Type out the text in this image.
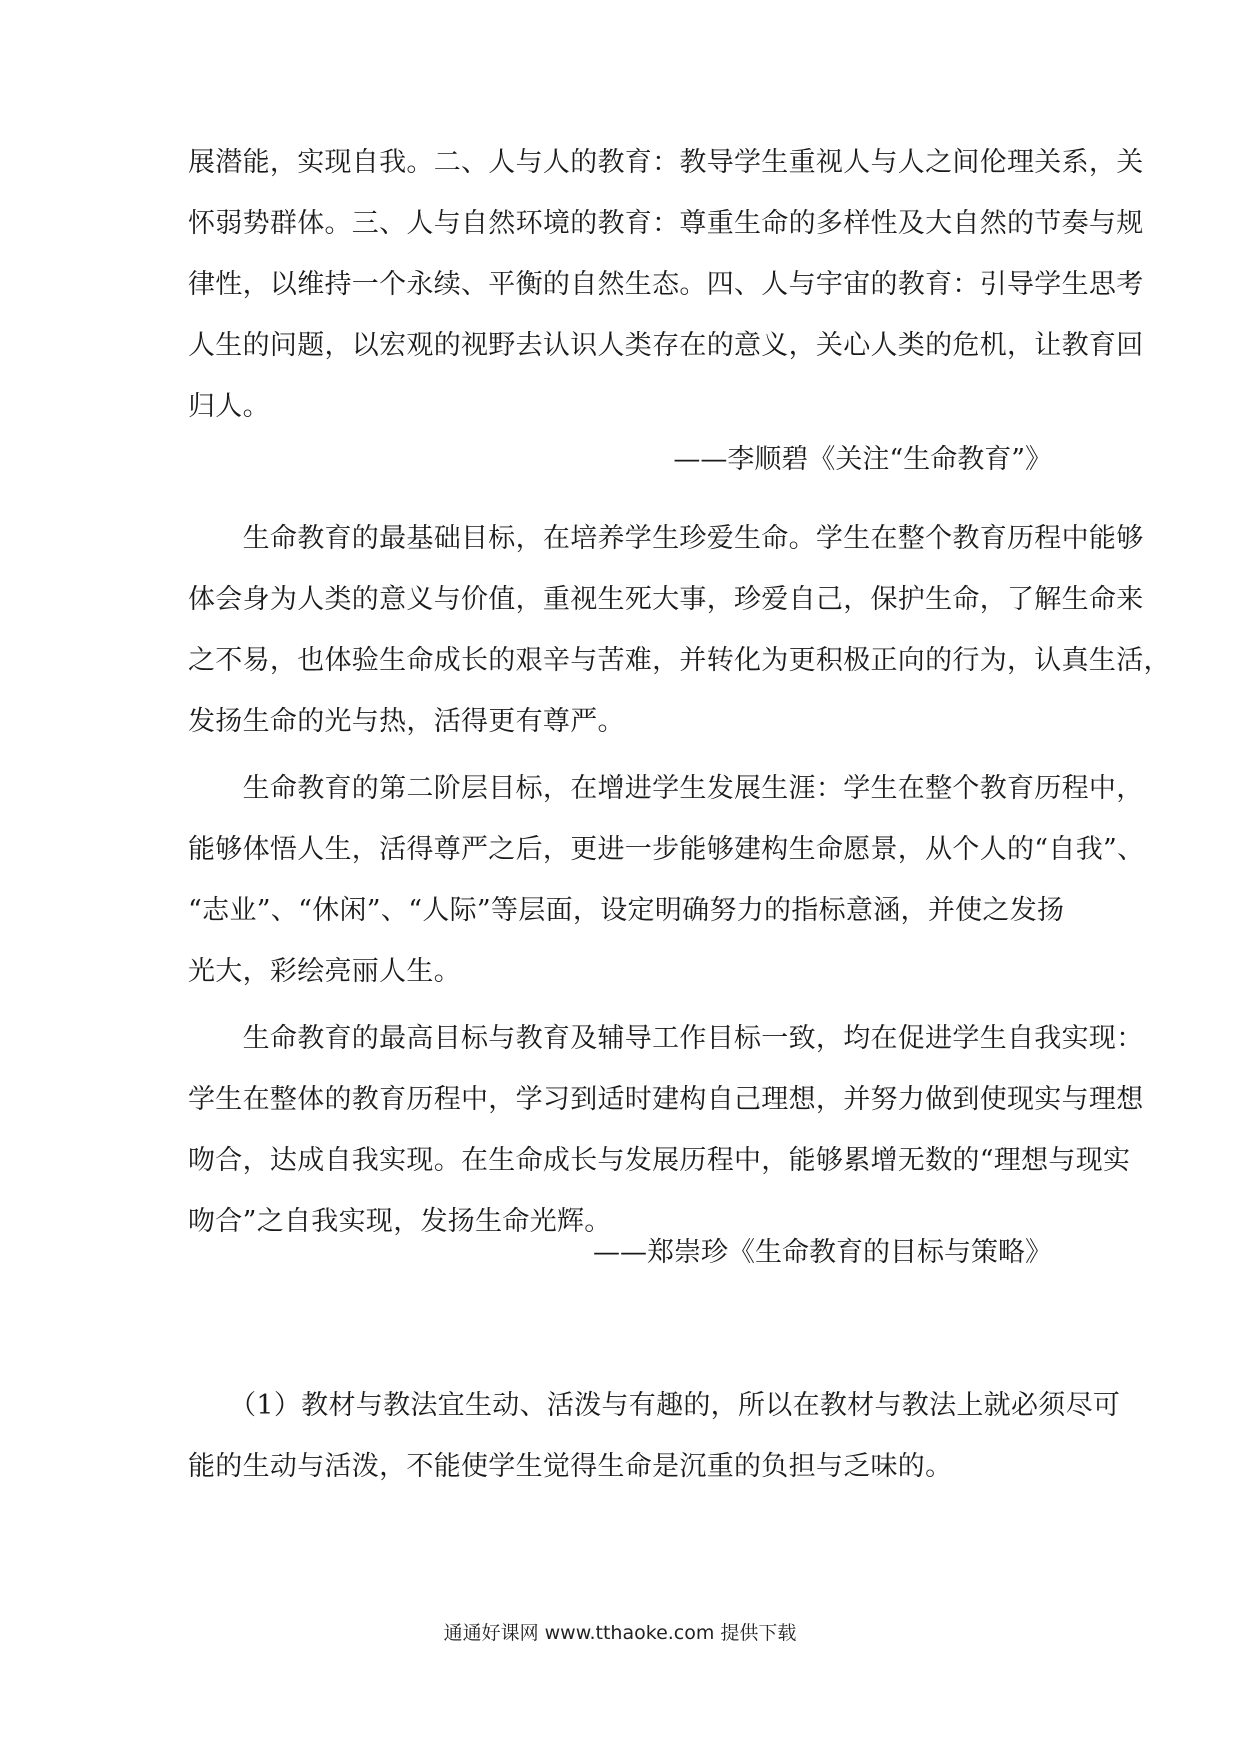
展潜能，实现自我。二、人与人的教育：教导学生重视人与人之间伦理关系，关
怀弱势群体。三、人与自然环境的教育：尊重生命的多样性及大自然的节奏与规
律性，以维持一个永续、平衡的自然生态。四、人与宇宙的教育：引导学生思考
人生的问题，以宏观的视野去认识人类存在的意义，关心人类的危机，让教育回
归人。

——李顺碧《关注“生命教育”》

　　生命教育的最基础目标，在培养学生珍爱生命。学生在整个教育历程中能够
体会身为人类的意义与价值，重视生死大事，珍爱自己，保护生命，了解生命来
之不易，也体验生命成长的艰辛与苦难，并转化为更积极正向的行为，认真生活，
发扬生命的光与热，活得更有尊严。
　　生命教育的第二阶层目标，在增进学生发展生涯：学生在整个教育历程中，
能够体悟人生，活得尊严之后，更进一步能够建构生命愿景，从个人的“自我”、
“志业”、“休闲”、“人际”等层面，设定明确努力的指标意涵，并使之发扬
光大，彩绘亮丽人生。
　　生命教育的最高目标与教育及辅导工作目标一致，均在促进学生自我实现：
学生在整体的教育历程中，学习到适时建构自己理想，并努力做到使现实与理想
吻合，达成自我实现。在生命成长与发展历程中，能够累增无数的“理想与现实
吻合”之自我实现，发扬生命光辉。

——郑崇珍《生命教育的目标与策略》

　　（1）教材与教法宜生动、活泼与有趣的，所以在教材与教法上就必须尽可
能的生动与活泼，不能使学生觉得生命是沉重的负担与乏味的。
通通好课网 www.tthaoke.com 提供下载
